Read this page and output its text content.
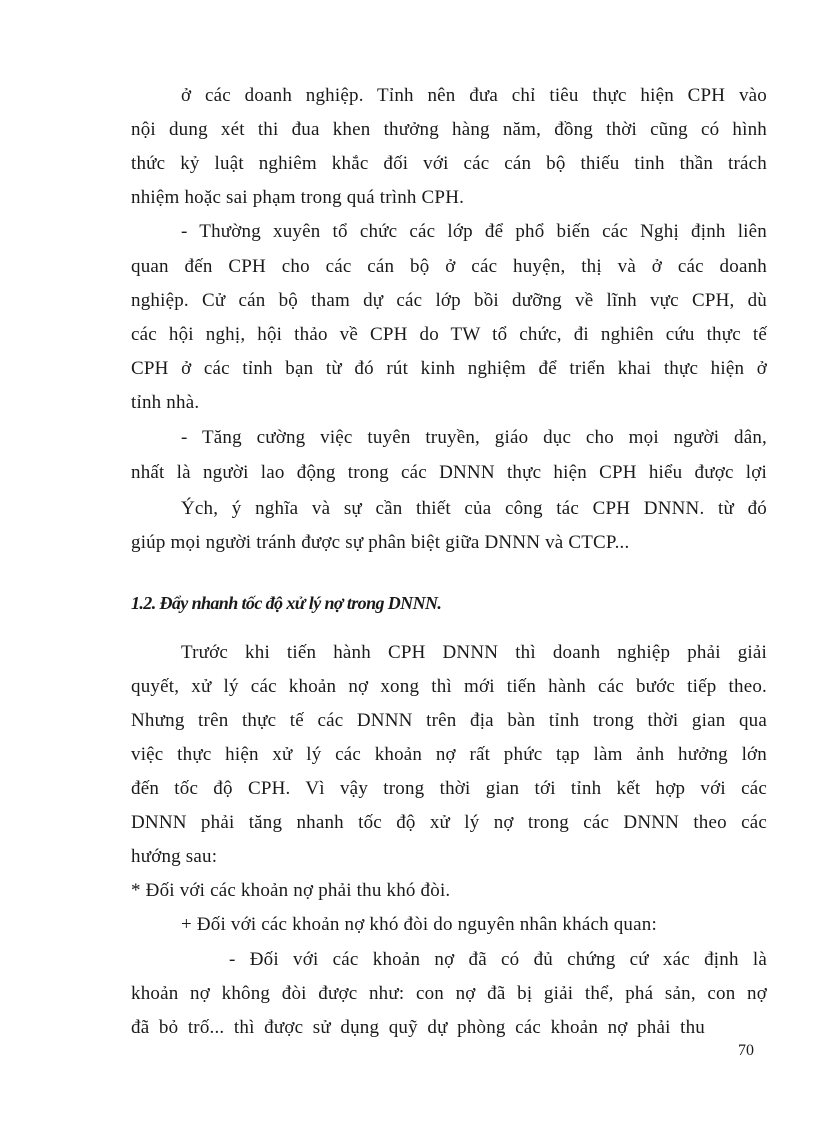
ở các doanh nghiệp. Tỉnh nên đưa chỉ tiêu thực hiện CPH vào
nội dung xét thi đua khen thưởng hàng năm, đồng thời cũng có hình
thức kỷ luật nghiêm khắc đối với các cán bộ thiếu tinh thần trách
nhiệm hoặc sai phạm trong quá trình CPH.
- Thường xuyên tổ chức các lớp để phổ biến các Nghị định liên
quan đến CPH cho các cán bộ ở các huyện, thị và ở các doanh
nghiệp. Cử cán bộ tham dự các lớp bồi dưỡng về lĩnh vực CPH, dù
các hội nghị, hội thảo về CPH do TW tổ chức, đi nghiên cứu thực tế
CPH ở các tỉnh bạn từ đó rút kinh nghiệm để triển khai thực hiện ở
tỉnh nhà.
- Tăng cường việc tuyên truyền, giáo dục cho mọi người dân,
nhất là người lao động trong các DNNN thực hiện CPH hiểu được lợi
Ých, ý nghĩa và sự cần thiết của công tác CPH DNNN. từ đó
giúp mọi người tránh được sự phân biệt giữa DNNN và CTCP...
1.2. Đẩy nhanh tốc độ xử lý nợ trong DNNN.
Trước khi tiến hành CPH DNNN thì doanh nghiệp phải giải
quyết, xử lý các khoản nợ xong thì mới tiến hành các bước tiếp theo.
Nhưng trên thực tế các DNNN trên địa bàn tỉnh trong thời gian qua
việc thực hiện xử lý các khoản nợ rất phức tạp làm ảnh hưởng lớn
đến tốc độ CPH. Vì vậy trong thời gian tới tỉnh kết hợp với các
DNNN phải tăng nhanh tốc độ xử lý nợ trong các DNNN theo các
hướng sau:
* Đối với các khoản nợ phải thu khó đòi.
+ Đối với các khoản nợ khó đòi do nguyên nhân khách quan:
- Đối với các khoản nợ đã có đủ chứng cứ xác định là
khoản nợ không đòi được như: con nợ đã bị giải thể, phá sản, con nợ
đã bỏ trố... thì được sử dụng quỹ dự phòng các khoản nợ phải thu
70
